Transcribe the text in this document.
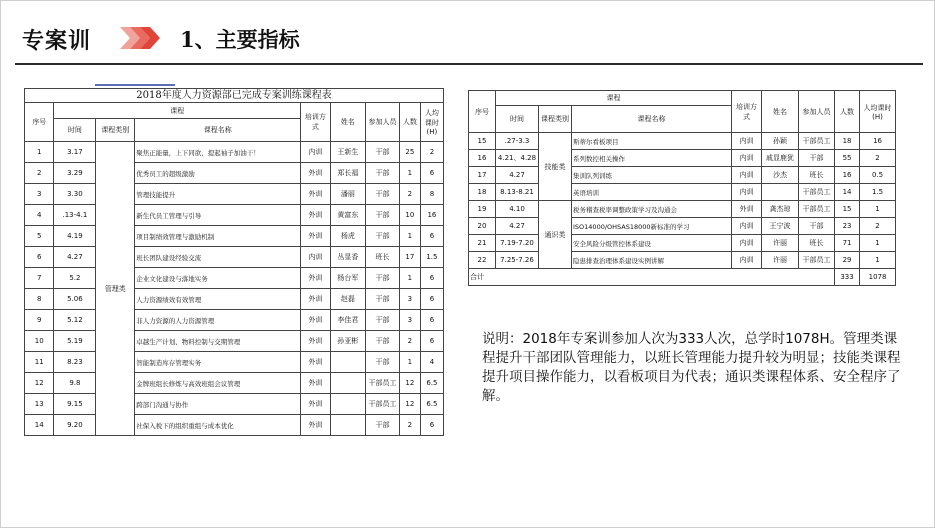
专案训	1、主要指标
2018年度人力资源部已完成专案训练课程表
序号	课程			培训方式	姓名	参加人员	人数	人均课时(H)
	时间	课程类别	课程名称					
1	3.17	管理类	聚焦正能量，上下同欲，提起袖子加油干！	内训	王新生	干部	25	2
2	3.29		优秀员工的超级激励	外训	郑长福	干部	1	6
3	3.30		管理技能提升	外训	潘丽	干部	2	8
4	.13-4.1		新生代员工管理与引导	外训	黄富东	干部	10	16
5	4.19		项目制绩效管理与激励机制	外训	杨虎	干部	1	6
6	4.27		班长团队建设经验交流	内训	丛显香	班长	17	1.5
7	5.2		企业文化建设与落地实务	外训	杨台军	干部	1	6
8	5.06		人力资源绩效有效管理	外训	赵磊	干部	3	6
9	5.12		非人力资源的人力资源管理	外训	李佳君	干部	3	6
10	5.19		卓越生产计划、物料控制与交期管理	外训	孙亚彬	干部	2	6
11	8.23		智能制造库存管理实务	外训		干部	1	4
12	9.8		金牌班组长修炼与高效班组会议管理	外训		干部员工	12	6.5
13	9.15		跨部门沟通与协作	外训		干部员工	12	6.5
14	9.20		社保入税下的组织重组与成本优化	外训		干部	2	6
序号	课程			培训方式	姓名	参加人员	人数	人均课时(H)
	时间	课程类别	课程名称					
15	.27-3.3	技能类	斯蒂尔看板项目	内训	孙颖	干部员工	18	16
16	4.21、4.28		系列数控相关操作	内训	戚显鹿犹	干部	55	2
17	4.27		集训队列训练	内训	沙杰	班长	16	0.5
18	8.13-8.21		英语培训	内训		干部员工	14	1.5
19	4.10	通识类	税务稽查税率调整政策学习及沟通会	外训	龚杰琼	干部员工	15	1
20	4.27		ISO14000/OHSAS18000新标准的学习	内训	王宁波	干部	23	2
21	7.19-7.20		安全风险分级管控体系建设	内训	许丽	班长	71	1
22	7.25-7.26		隐患排查治理体系建设实例讲解	内训	许丽	干部员工	29	1
合计							333	1078
说明：2018年专案训参加人次为333人次，总学时1078H。管理类课程提升干部团队管理能力，以班长管理能力提升较为明显；技能类课程提升项目操作能力，以看板项目为代表；通识类课程体系、安全程序了解。
